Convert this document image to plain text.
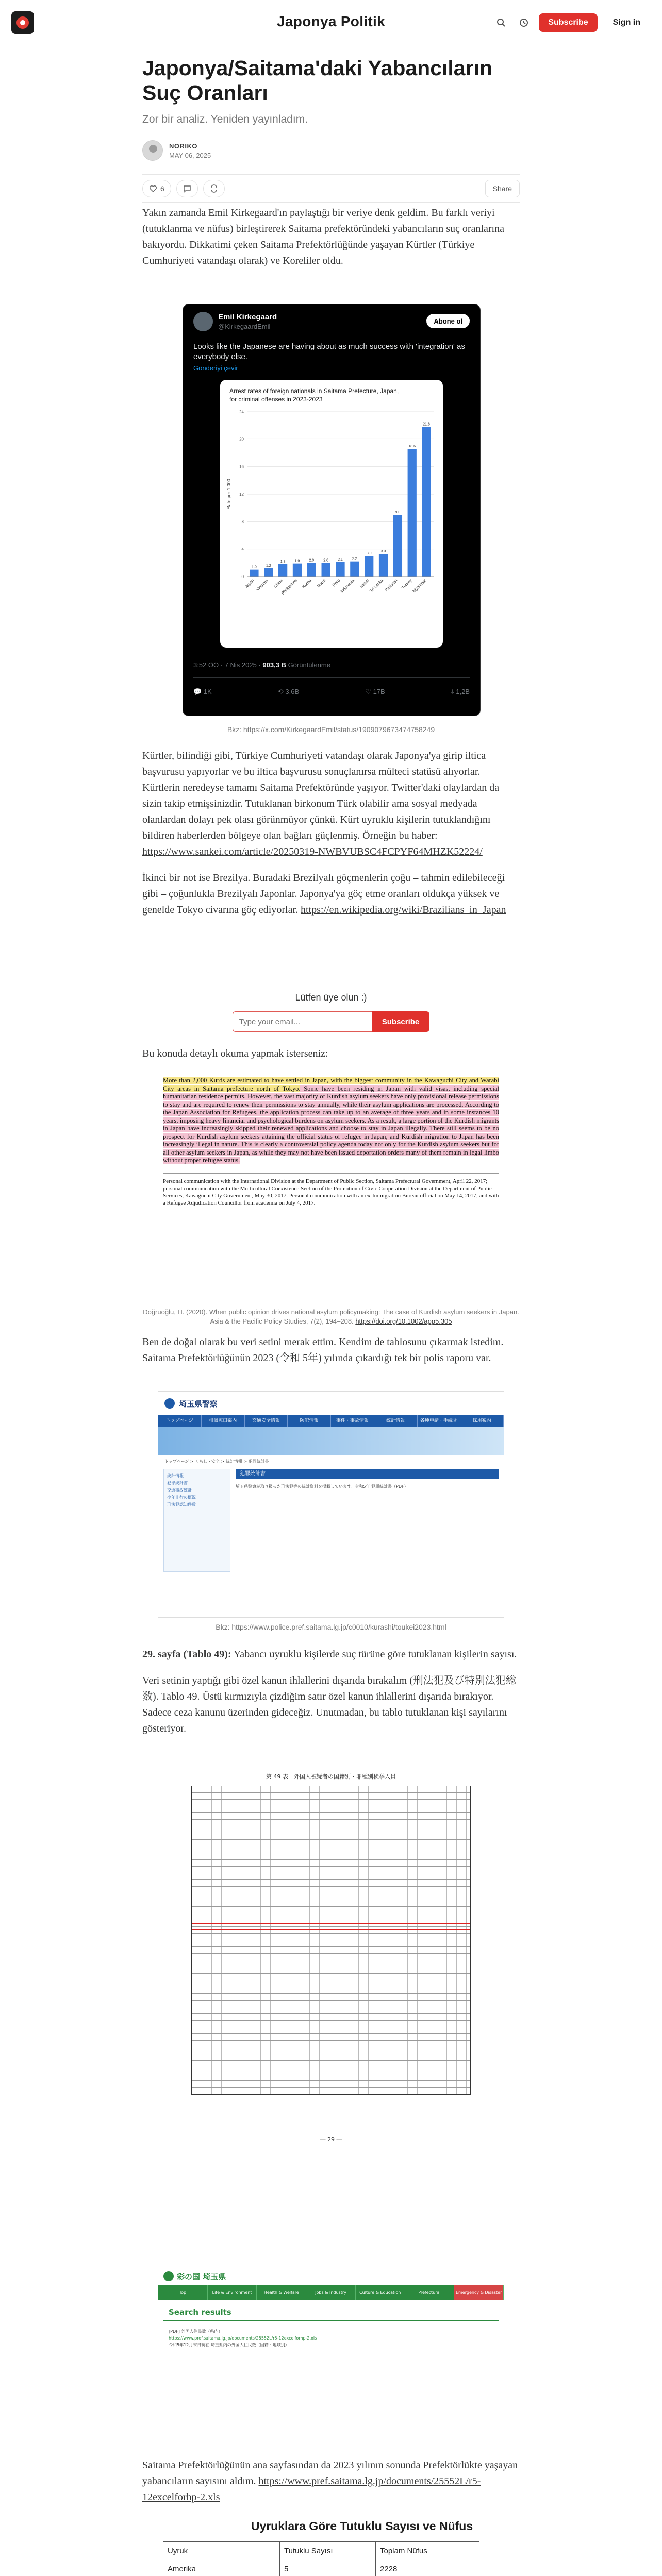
Japonya Politik	Subscribe	Sign in
Japonya/Saitama'daki Yabancıların Suç Oranları
Zor bir analiz. Yeniden yayınladım.
NORIKO
MAY 06, 2025
6	Share

Yakın zamanda Emil Kirkegaard'ın paylaştığı bir veriye denk geldim. Bu farklı veriyi (tutuklanma ve nüfus) birleştirerek Saitama prefektöründeki yabancıların suç oranlarına bakıyordu. Dikkatimi çeken Saitama Prefektörlüğünde yaşayan Kürtler (Türkiye Cumhuriyeti vatandaşı olarak) ve Koreliler oldu.

Emil Kirkegaard
@KirkegaardEmil
Abone ol
Looks like the Japanese are having about as much success with 'integration' as everybody else.
Gönderiyi çevir
Arrest rates of foreign nationals in Saitama Prefecture, Japan,
for criminal offenses in 2023-2023
0
4
8
12
16
20
24
Rate per 1,000
1.0
Japan
1.2
Vietnam
1.8
China
1.9
Philippines
2.0
Korea
2.0
Brazil
2.1
Peru
2.2
Indonesia
3.0
Nepal
3.3
Sri Lanka
9.0
Pakistan
18.6
Turkey
21.8
Myanmar
3:52 ÖÖ · 7 Nis 2025 · 903,3 B Görüntülenme
💬 1K	⟲ 3,6B	♡ 17B	⤓ 1,2B
Bkz: https://x.com/KirkegaardEmil/status/1909079673474758249

Kürtler, bilindiği gibi, Türkiye Cumhuriyeti vatandaşı olarak Japonya'ya girip iltica başvurusu yapıyorlar ve bu iltica başvurusu sonuçlanırsa mülteci statüsü alıyorlar. Kürtlerin neredeyse tamamı Saitama Prefektöründe yaşıyor. Twitter'daki olaylardan da sizin takip etmişsinizdir. Tutuklanan birkonum Türk olabilir ama sosyal medyada olanlardan dolayı pek olası görünmüyor çünkü. Kürt uyruklu kişilerin tutuklandığını bildiren haberlerden bölgeye olan bağları güçlenmiş. Örneğin bu haber: https://www.sankei.com/article/20250319-NWBVUBSC4FCPYF64MHZK52224/

İkinci bir not ise Brezilya. Buradaki Brezilyalı göçmenlerin çoğu – tahmin edilebileceği gibi – çoğunlukla Brezilyalı Japonlar. Japonya'ya göç etme oranları oldukça yüksek ve genelde Tokyo civarına göç ediyorlar. https://en.wikipedia.org/wiki/Brazilians_in_Japan

Lütfen üye olun :)
Type your email...
Subscribe

Bu konuda detaylı okuma yapmak isterseniz:

More than 2,000 Kurds are estimated to have settled in Japan, with the biggest community in the Kawaguchi City and Warabi City areas in Saitama prefecture north of Tokyo. Some have been residing in Japan with valid visas, including special humanitarian residence permits. However, the vast majority of Kurdish asylum seekers have only provisional release permissions to stay and are required to renew their permissions to stay annually, while their asylum applications are processed. According to the Japan Association for Refugees, the application process can take up to an average of three years and in some instances 10 years, imposing heavy financial and psychological burdens on asylum seekers. As a result, a large portion of the Kurdish migrants in Japan have increasingly skipped their renewed applications and choose to stay in Japan illegally. There still seems to be no prospect for Kurdish asylum seekers attaining the official status of refugee in Japan, and Kurdish migration to Japan has been increasingly illegal in nature. This is clearly a controversial policy agenda today not only for the Kurdish asylum seekers but for all other asylum seekers in Japan, as while they may not have been issued deportation orders many of them remain in legal limbo without proper refugee status.

Personal communication with the International Division at the Department of Public Section, Saitama Prefectural Government, April 22, 2017; personal communication with the Multicultural Coexistence Section of the Promotion of Civic Cooperation Division at the Department of Public Services, Kawaguchi City Government, May 30, 2017. Personal communication with an ex-Immigration Bureau official on May 14, 2017, and with a Refugee Adjudication Councillor from academia on July 4, 2017.

Doğruoğlu, H. (2020). When public opinion drives national asylum policymaking: The case of Kurdish asylum seekers in Japan. Asia & the Pacific Policy Studies, 7(2), 194–208. https://doi.org/10.1002/app5.305

Ben de doğal olarak bu veri setini merak ettim. Kendim de tablosunu çıkarmak istedim. Saitama Prefektörlüğünün 2023 (令和 5年) yılında çıkardığı tek bir polis raporu var.

埼玉県警察
トップページ	相談窓口案内	交通安全情報	防犯情報	事件・事故情報	統計情報	各種申請・手続き	採用案内
トップページ > くらし・安全 > 統計情報 > 犯罪統計書
統計情報
犯罪統計書
交通事故統計
少年非行の概況
刑法犯認知件数
犯罪統計書
埼玉県警察が取り扱った刑法犯等の統計資料を掲載しています。令和5年 犯罪統計書（PDF）
Bkz: https://www.police.pref.saitama.lg.jp/c0010/kurashi/toukei2023.html

29. sayfa (Tablo 49): Yabancı uyruklu kişilerde suç türüne göre tutuklanan kişilerin sayısı.

Veri setinin yaptığı gibi özel kanun ihlallerini dışarıda bırakalım (刑法犯及び特別法犯総数). Tablo 49. Üstü kırmızıyla çizdiğim satır özel kanun ihlallerini dışarıda bırakıyor. Sadece ceza kanunu üzerinden gideceğiz. Unutmadan, bu tablo tutuklanan kişi sayılarını gösteriyor.

第 49 表　外国人被疑者の国籍別・罪種別検挙人員
― 29 ―
彩の国 埼玉県
Top	Life & Environment	Health & Welfare	Jobs & Industry	Culture & Education	Prefectural Government
Emergency & Disaster
Search results
[PDF] 外国人住民数（県内）
https://www.pref.saitama.lg.jp/documents/25552L/r5-12excelforhp-2.xls
令和5年12月末日現在 埼玉県内の外国人住民数（国籍・地域別）

Saitama Prefektörlüğünün ana sayfasından da 2023 yılının sonunda Prefektörlükte yaşayan yabancıların sayısını aldım. https://www.pref.saitama.lg.jp/documents/25552L/r5-12excelforhp-2.xls

Uyruklara Göre Tutuklu Sayısı ve Nüfus
Uyruk	Tutuklu Sayısı	Toplam Nüfus
Amerika	5	2228
